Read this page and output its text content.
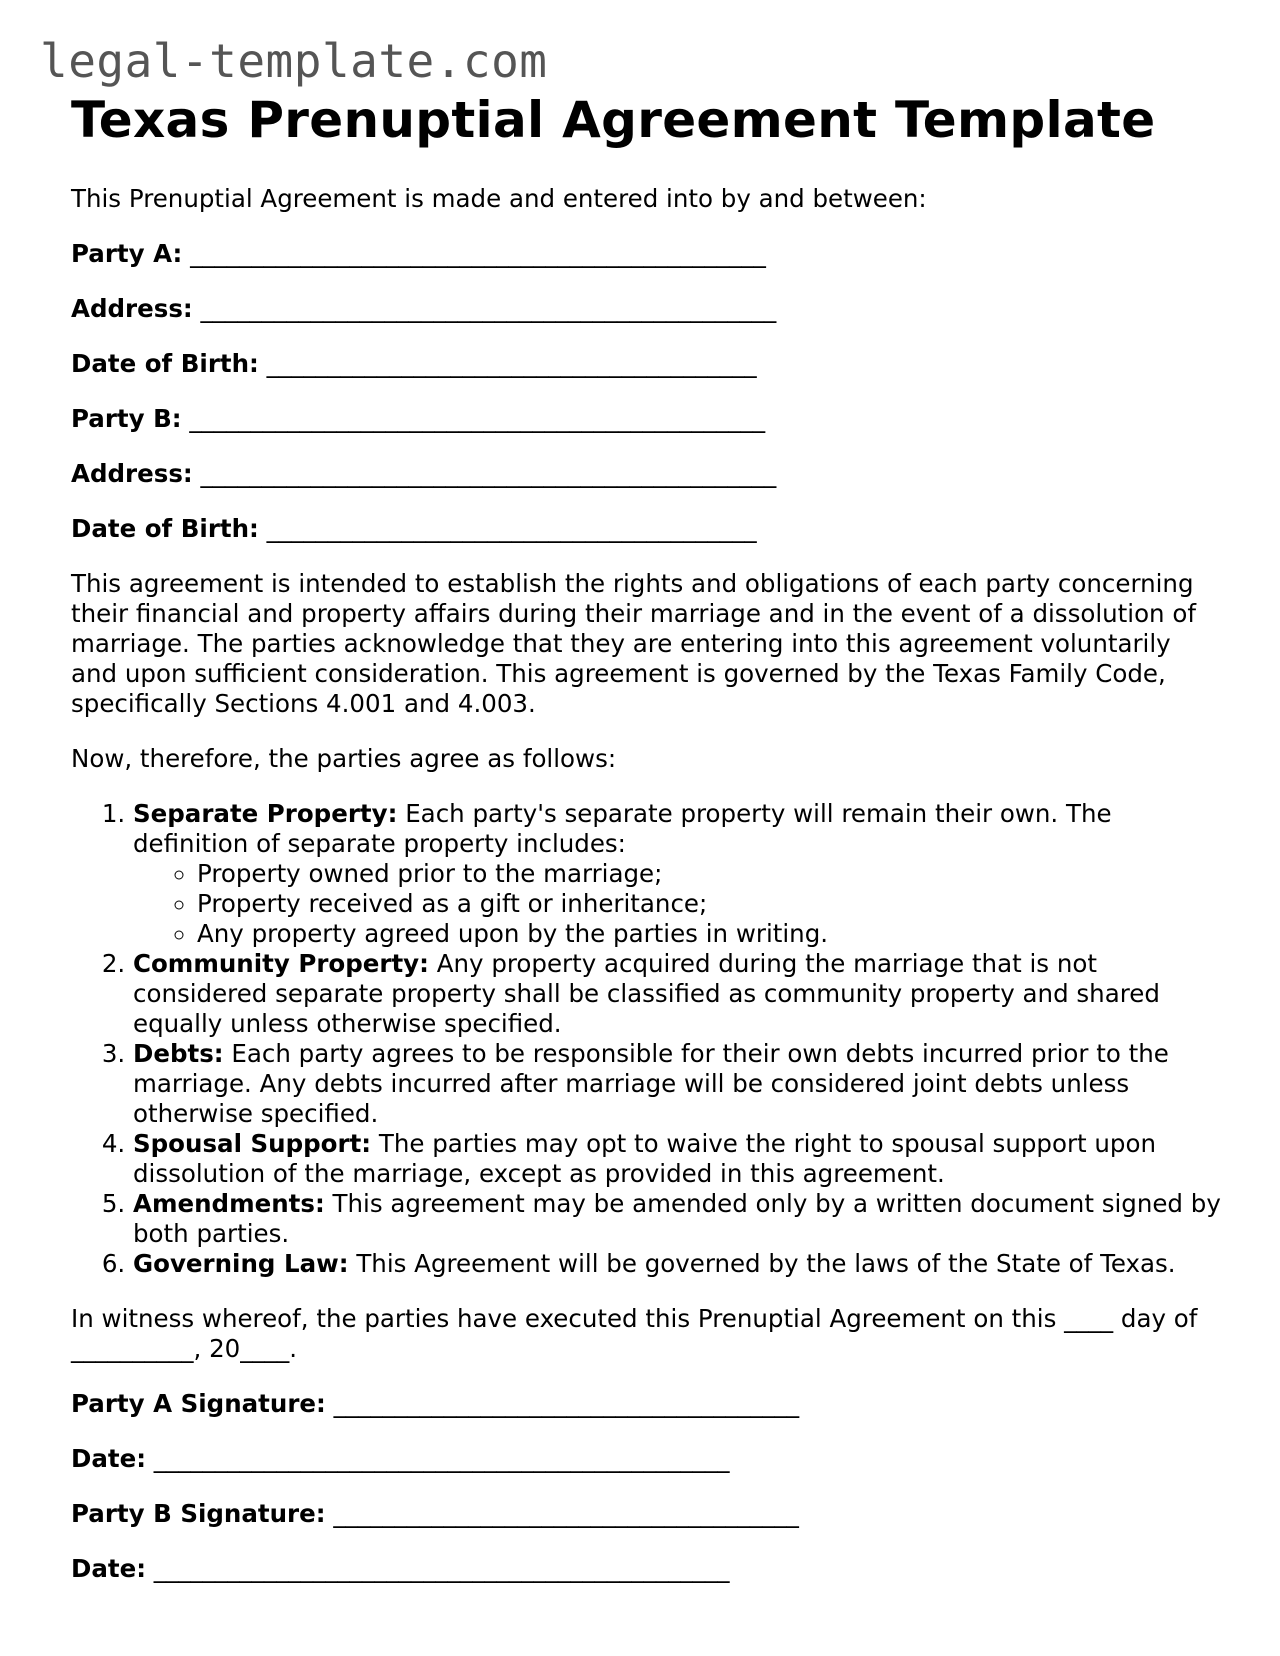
legal-template.com
Texas Prenuptial Agreement Template

This Prenuptial Agreement is made and entered into by and between:

Party A: _______________________________________________

Address: _______________________________________________

Date of Birth: ________________________________________

Party B: _______________________________________________

Address: _______________________________________________

Date of Birth: ________________________________________

This agreement is intended to establish the rights and obligations of each party concerning their financial and property affairs during their marriage and in the event of a dissolution of marriage. The parties acknowledge that they are entering into this agreement voluntarily and upon sufficient consideration. This agreement is governed by the Texas Family Code, specifically Sections 4.001 and 4.003.

Now, therefore, the parties agree as follows:

1. Separate Property: Each party's separate property will remain their own. The definition of separate property includes:
◦ Property owned prior to the marriage;
◦ Property received as a gift or inheritance;
◦ Any property agreed upon by the parties in writing.
2. Community Property: Any property acquired during the marriage that is not considered separate property shall be classified as community property and shared equally unless otherwise specified.
3. Debts: Each party agrees to be responsible for their own debts incurred prior to the marriage. Any debts incurred after marriage will be considered joint debts unless otherwise specified.
4. Spousal Support: The parties may opt to waive the right to spousal support upon dissolution of the marriage, except as provided in this agreement.
5. Amendments: This agreement may be amended only by a written document signed by both parties.
6. Governing Law: This Agreement will be governed by the laws of the State of Texas.

In witness whereof, the parties have executed this Prenuptial Agreement on this ____ day of __________, 20____.

Party A Signature: ______________________________________

Date: _______________________________________________

Party B Signature: ______________________________________

Date: _______________________________________________
